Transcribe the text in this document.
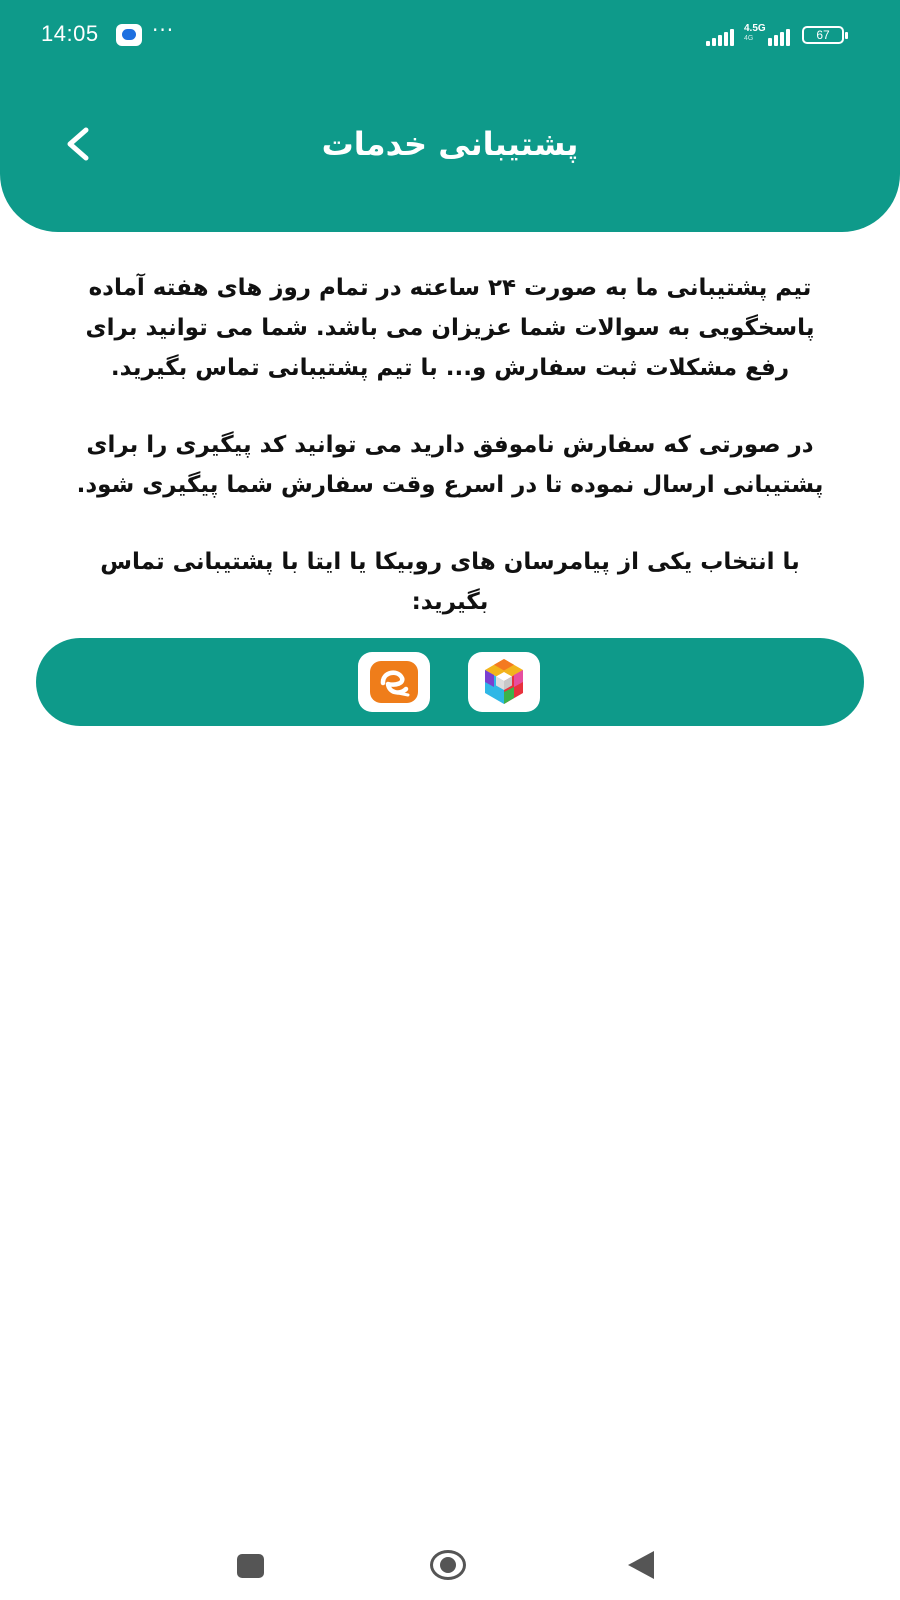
14:05	···	4.5G
4G	67
پشتیبانی خدمات

تیم پشتیبانی ما به صورت ۲۴ ساعته در تمام روز های هفته آماده پاسخگویی به سوالات شما عزیزان می باشد. شما می توانید برای رفع مشکلات ثبت سفارش و... با تیم پشتیبانی تماس بگیرید.

در صورتی که سفارش ناموفق دارید می توانید کد پیگیری را برای پشتیبانی ارسال نموده تا در اسرع وقت سفارش شما پیگیری شود.

با انتخاب یکی از پیامرسان های روبیکا یا ایتا با پشتیبانی تماس بگیرید:
